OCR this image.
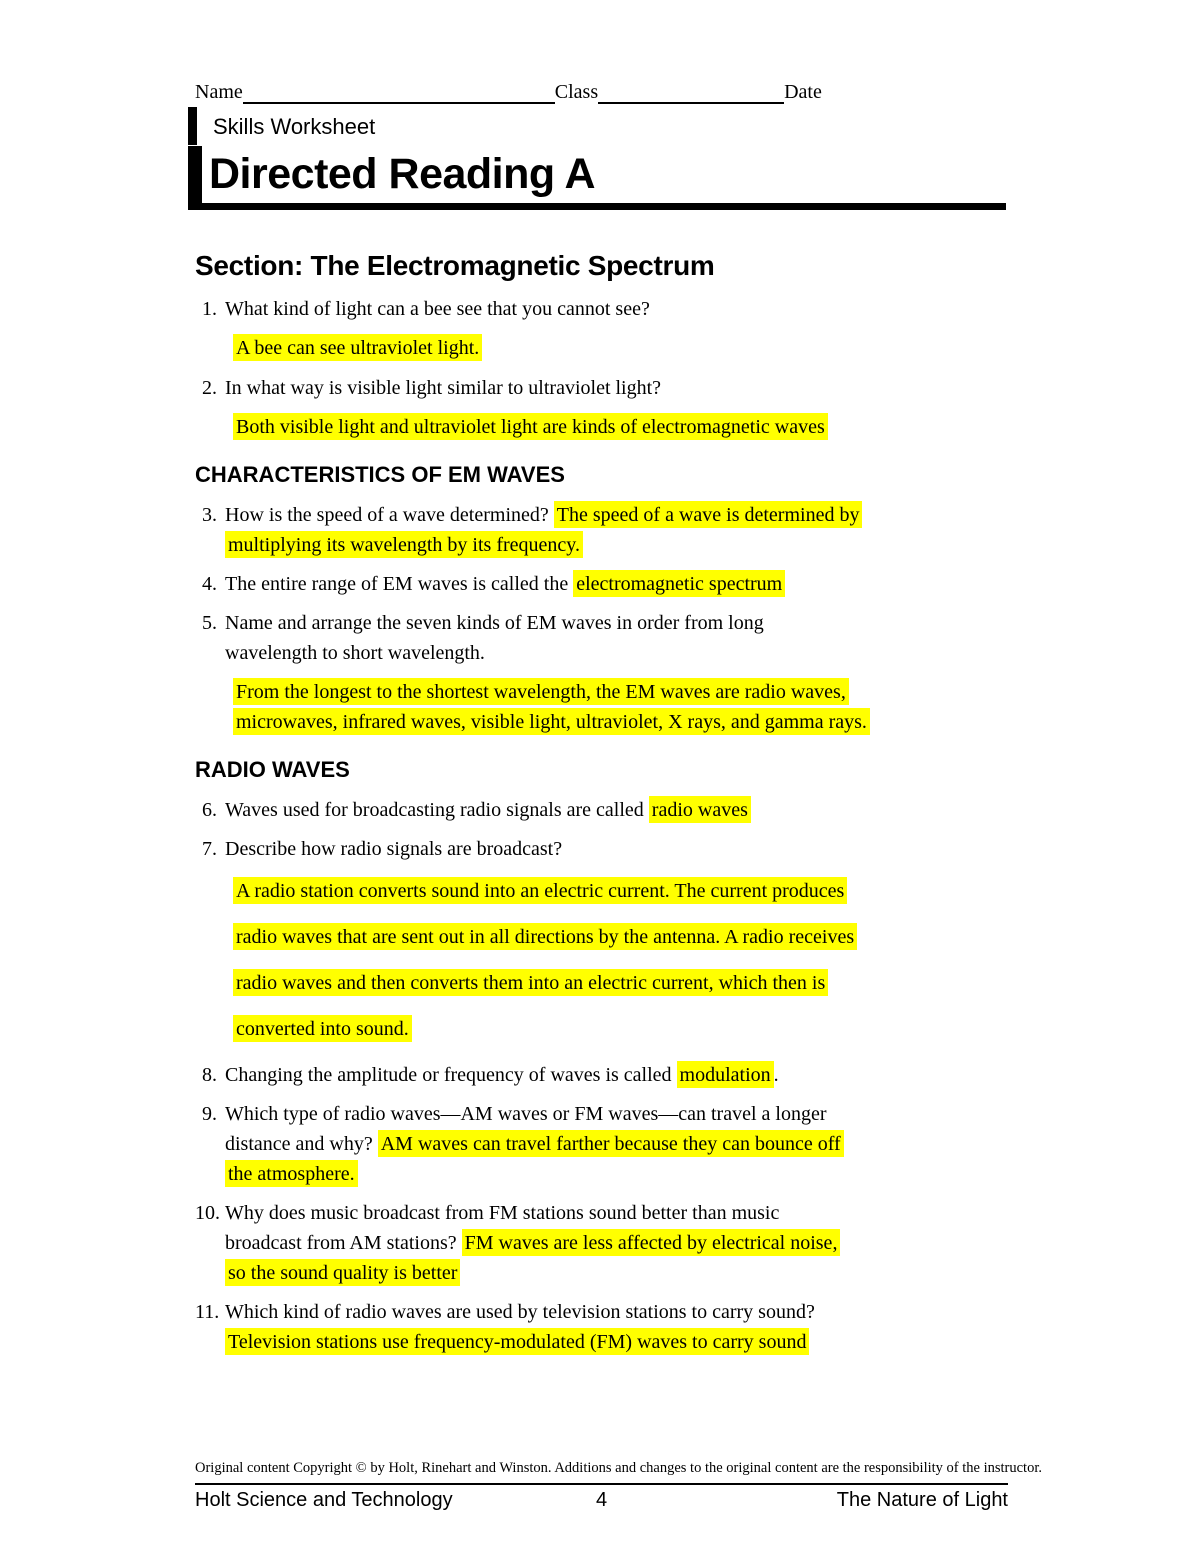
Name	Class	Date
Skills Worksheet
Directed Reading A
Section: The Electromagnetic Spectrum
1. What kind of light can a bee see that you cannot see?
A bee can see ultraviolet light.
2. In what way is visible light similar to ultraviolet light?
Both visible light and ultraviolet light are kinds of electromagnetic waves
CHARACTERISTICS OF EM WAVES
3. How is the speed of a wave determined? The speed of a wave is determined by
multiplying its wavelength by its frequency.
4. The entire range of EM waves is called the electromagnetic spectrum
5. Name and arrange the seven kinds of EM waves in order from long
wavelength to short wavelength.
From the longest to the shortest wavelength, the EM waves are radio waves,
microwaves, infrared waves, visible light, ultraviolet, X rays, and gamma rays.
RADIO WAVES
6. Waves used for broadcasting radio signals are called radio waves
7. Describe how radio signals are broadcast?
A radio station converts sound into an electric current. The current produces
radio waves that are sent out in all directions by the antenna. A radio receives
radio waves and then converts them into an electric current, which then is
converted into sound.
8. Changing the amplitude or frequency of waves is called modulation .
9. Which type of radio waves—AM waves or FM waves—can travel a longer
distance and why? AM waves can travel farther because they can bounce off
the atmosphere.
10. Why does music broadcast from FM stations sound better than music
broadcast from AM stations? FM waves are less affected by electrical noise,
so the sound quality is better
11. Which kind of radio waves are used by television stations to carry sound?
Television stations use frequency-modulated (FM) waves to carry sound
Original content Copyright © by Holt, Rinehart and Winston. Additions and changes to the original content are the responsibility of the instructor.
Holt Science and Technology	4	The Nature of Light
